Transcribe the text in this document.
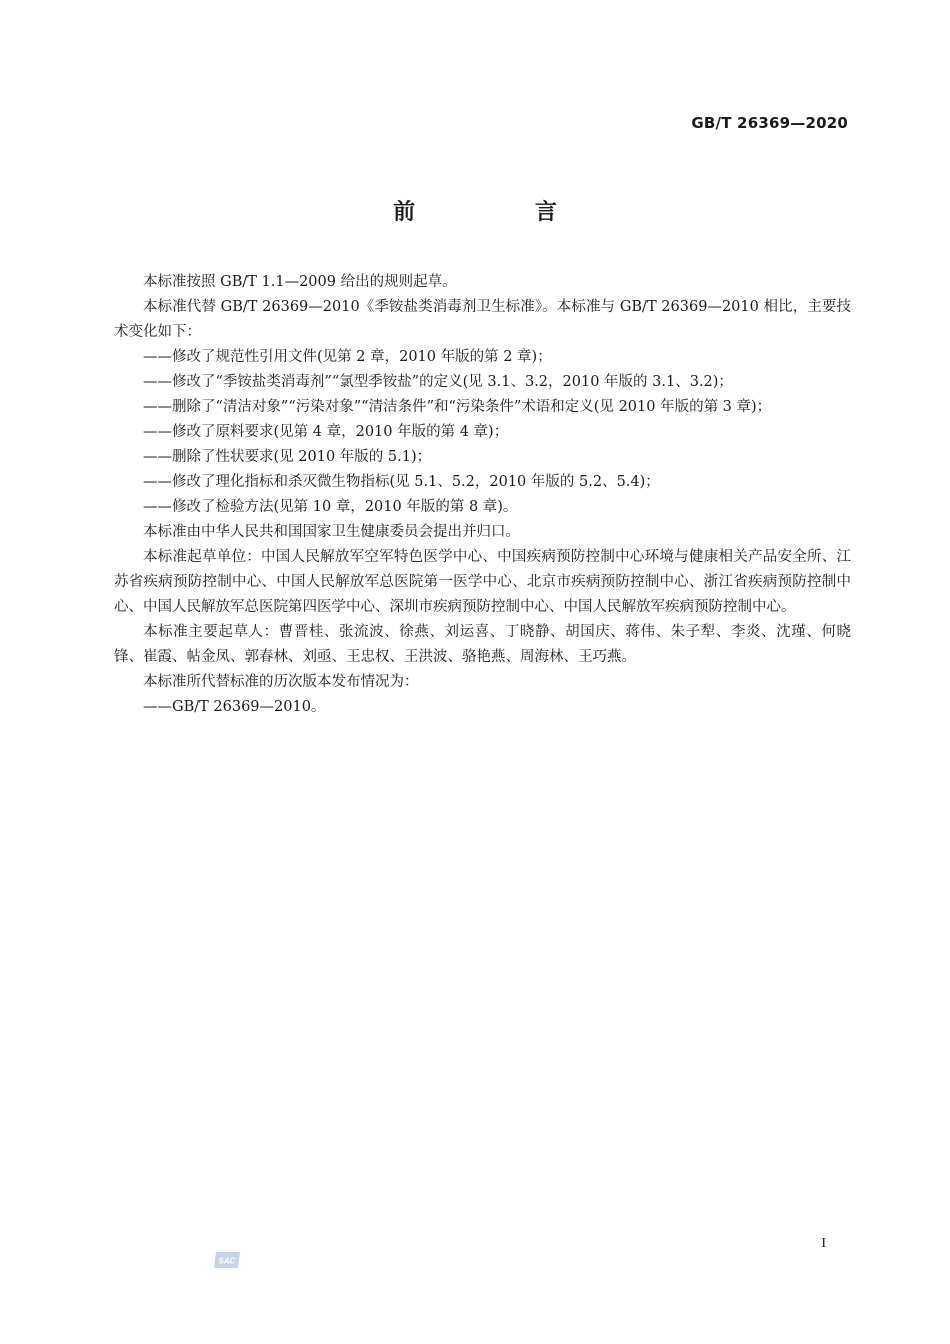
GB/T 26369—2020
前 言

本标准按照 GB/T 1.1—2009 给出的规则起草。

本标准代替 GB/T 26369—2010《季铵盐类消毒剂卫生标准》。本标准与 GB/T 26369—2010 相比，主要技术变化如下：

——修改了规范性引用文件(见第 2 章，2010 年版的第 2 章)；

——修改了“季铵盐类消毒剂”“氯型季铵盐”的定义(见 3.1、3.2，2010 年版的 3.1、3.2)；

——删除了“清洁对象”“污染对象”“清洁条件”和“污染条件”术语和定义(见 2010 年版的第 3 章)；

——修改了原料要求(见第 4 章，2010 年版的第 4 章)；

——删除了性状要求(见 2010 年版的 5.1)；

——修改了理化指标和杀灭微生物指标(见 5.1、5.2，2010 年版的 5.2、5.4)；

——修改了检验方法(见第 10 章，2010 年版的第 8 章)。

本标准由中华人民共和国国家卫生健康委员会提出并归口。

本标准起草单位：中国人民解放军空军特色医学中心、中国疾病预防控制中心环境与健康相关产品安全所、江苏省疾病预防控制中心、中国人民解放军总医院第一医学中心、北京市疾病预防控制中心、浙江省疾病预防控制中心、中国人民解放军总医院第四医学中心、深圳市疾病预防控制中心、中国人民解放军疾病预防控制中心。

本标准主要起草人：曹晋桂、张流波、徐燕、刘运喜、丁晓静、胡国庆、蒋伟、朱子犁、李炎、沈瑾、何晓锋、崔霞、帖金凤、郭春林、刘亟、王忠权、王洪波、骆艳燕、周海林、王巧燕。

本标准所代替标准的历次版本发布情况为：

——GB/T 26369—2010。

I
SAC
